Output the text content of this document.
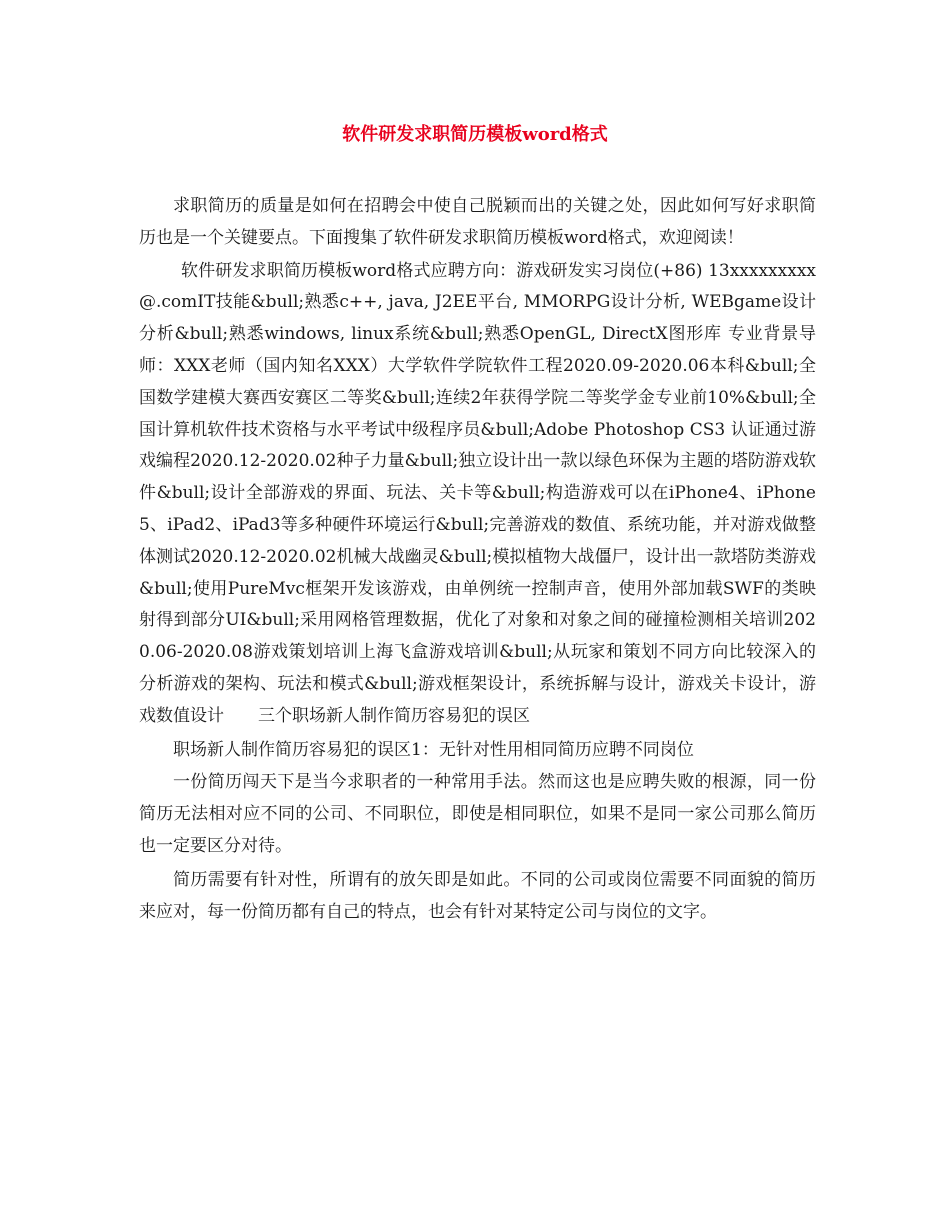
软件研发求职简历模板word格式

求职简历的质量是如何在招聘会中使自己脱颖而出的关键之处，因此如何写好求职简历也是一个关键要点。下面搜集了软件研发求职简历模板word格式，欢迎阅读！

软件研发求职简历模板word格式应聘方向：游戏研发实习岗位(+86) 13xxxxxxxxx@.comIT技能&bull;熟悉c++, java, J2EE平台, MMORPG设计分析, WEBgame设计分析&bull;熟悉windows, linux系统&bull;熟悉OpenGL, DirectX图形库 专业背景导师：XXX老师（国内知名XXX）大学软件学院软件工程2020.09-2020.06本科&bull;全国数学建模大赛西安赛区二等奖&bull;连续2年获得学院二等奖学金专业前10%&bull;全国计算机软件技术资格与水平考试中级程序员&bull;Adobe Photoshop CS3 认证通过游戏编程2020.12-2020.02种子力量&bull;独立设计出一款以绿色环保为主题的塔防游戏软件&bull;设计全部游戏的界面、玩法、关卡等&bull;构造游戏可以在iPhone4、iPhone5、iPad2、iPad3等多种硬件环境运行&bull;完善游戏的数值、系统功能，并对游戏做整体测试2020.12-2020.02机械大战幽灵&bull;模拟植物大战僵尸，设计出一款塔防类游戏&bull;使用PureMvc框架开发该游戏，由单例统一控制声音，使用外部加载SWF的类映射得到部分UI&bull;采用网格管理数据，优化了对象和对象之间的碰撞检测相关培训2020.06-2020.08游戏策划培训上海飞盒游戏培训&bull;从玩家和策划不同方向比较深入的分析游戏的架构、玩法和模式&bull;游戏框架设计，系统拆解与设计，游戏关卡设计，游戏数值设计　　三个职场新人制作简历容易犯的误区

职场新人制作简历容易犯的误区1：无针对性用相同简历应聘不同岗位

一份简历闯天下是当今求职者的一种常用手法。然而这也是应聘失败的根源，同一份简历无法相对应不同的公司、不同职位，即使是相同职位，如果不是同一家公司那么简历也一定要区分对待。

简历需要有针对性，所谓有的放矢即是如此。不同的公司或岗位需要不同面貌的简历来应对，每一份简历都有自己的特点，也会有针对某特定公司与岗位的文字。
